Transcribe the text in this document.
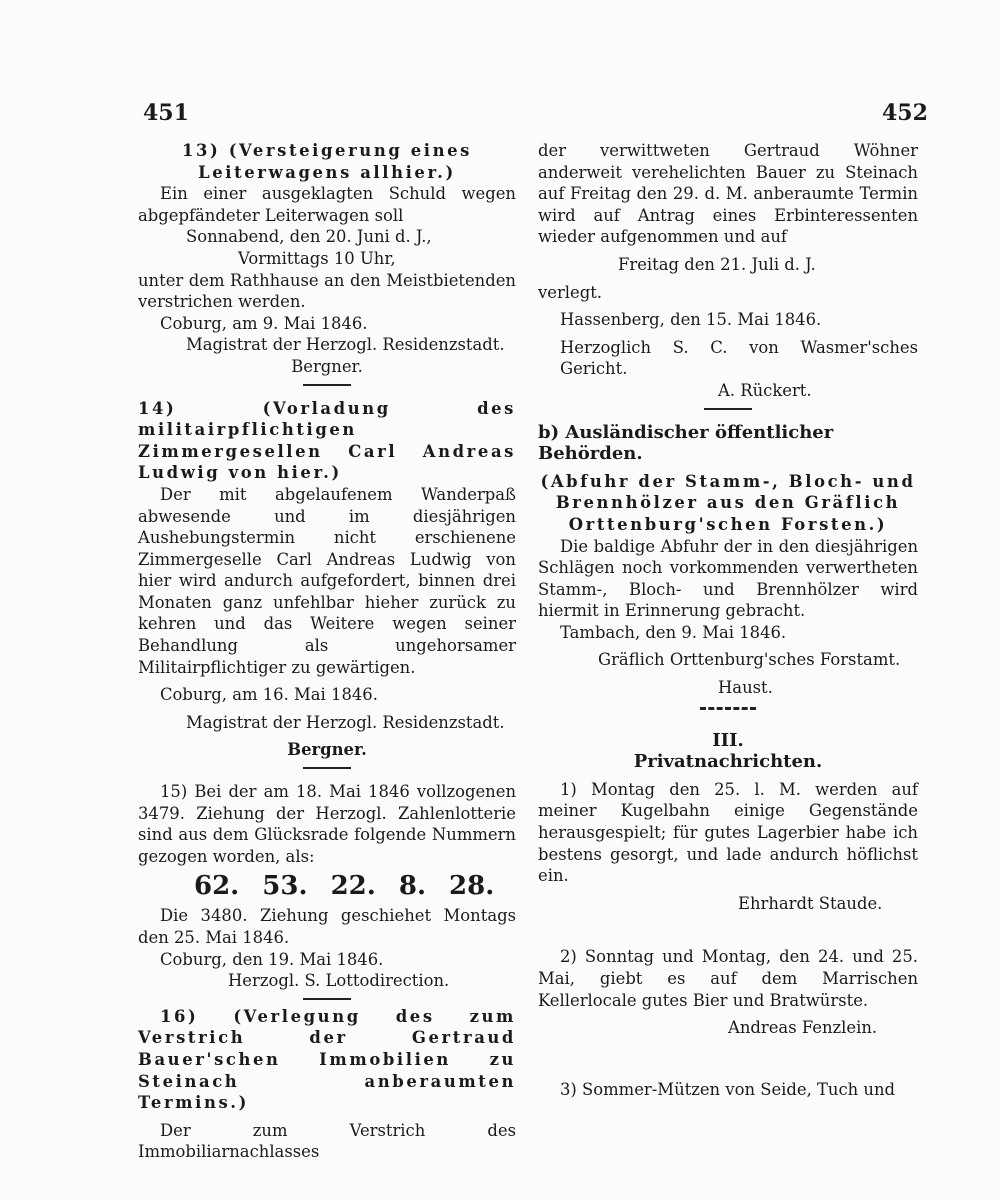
451	452

13) (Versteigerung eines Leiterwagens allhier.)

Ein einer ausgeklagten Schuld wegen abgepfändeter Leiterwagen soll

Sonnabend, den 20. Juni d. J.,

Vormittags 10 Uhr,

unter dem Rathhause an den Meistbietenden verstrichen werden.

Coburg, am 9. Mai 1846.

Magistrat der Herzogl. Residenzstadt.

Bergner.

14) (Vorladung des militairpflichtigen Zimmergesellen Carl Andreas Ludwig von hier.)

Der mit abgelaufenem Wanderpaß abwesende und im diesjährigen Aushebungstermin nicht erschienene Zimmergeselle Carl Andreas Ludwig von hier wird andurch aufgefordert, binnen drei Monaten ganz unfehlbar hieher zurück zu kehren und das Weitere wegen seiner Behandlung als ungehorsamer Militairpflichtiger zu gewärtigen.

Coburg, am 16. Mai 1846.

Magistrat der Herzogl. Residenzstadt.

Bergner.

15) Bei der am 18. Mai 1846 vollzogenen 3479. Ziehung der Herzogl. Zahlenlotterie sind aus dem Glücksrade folgende Nummern gezogen worden, als:

62. 53. 22. 8. 28.

Die 3480. Ziehung geschiehet Montags den 25. Mai 1846.

Coburg, den 19. Mai 1846.

Herzogl. S. Lottodirection.

16) (Verlegung des zum Verstrich der Gertraud Bauer'schen Immobilien zu Steinach anberaumten Termins.)

Der zum Verstrich des Immobiliarnachlasses

der verwittweten Gertraud Wöhner anderweit verehelichten Bauer zu Steinach auf Freitag den 29. d. M. anberaumte Termin wird auf Antrag eines Erbinteressenten wieder aufgenommen und auf

Freitag den 21. Juli d. J.

verlegt.

Hassenberg, den 15. Mai 1846.

Herzoglich S. C. von Wasmer'sches Gericht.

A. Rückert.

b) Ausländischer öffentlicher Behörden.

(Abfuhr der Stamm-, Bloch- und Brennhölzer aus den Gräflich Orttenburg'schen Forsten.)

Die baldige Abfuhr der in den diesjährigen Schlägen noch vorkommenden verwertheten Stamm-, Bloch- und Brennhölzer wird hiermit in Erinnerung gebracht.

Tambach, den 9. Mai 1846.

Gräflich Orttenburg'sches Forstamt.

Haust.

III.

Privatnachrichten.

1) Montag den 25. l. M. werden auf meiner Kugelbahn einige Gegenstände herausgespielt; für gutes Lagerbier habe ich bestens gesorgt, und lade andurch höflichst ein.

Ehrhardt Staude.

2) Sonntag und Montag, den 24. und 25. Mai, giebt es auf dem Marrischen Kellerlocale gutes Bier und Bratwürste.

Andreas Fenzlein.

3) Sommer-Mützen von Seide, Tuch und
